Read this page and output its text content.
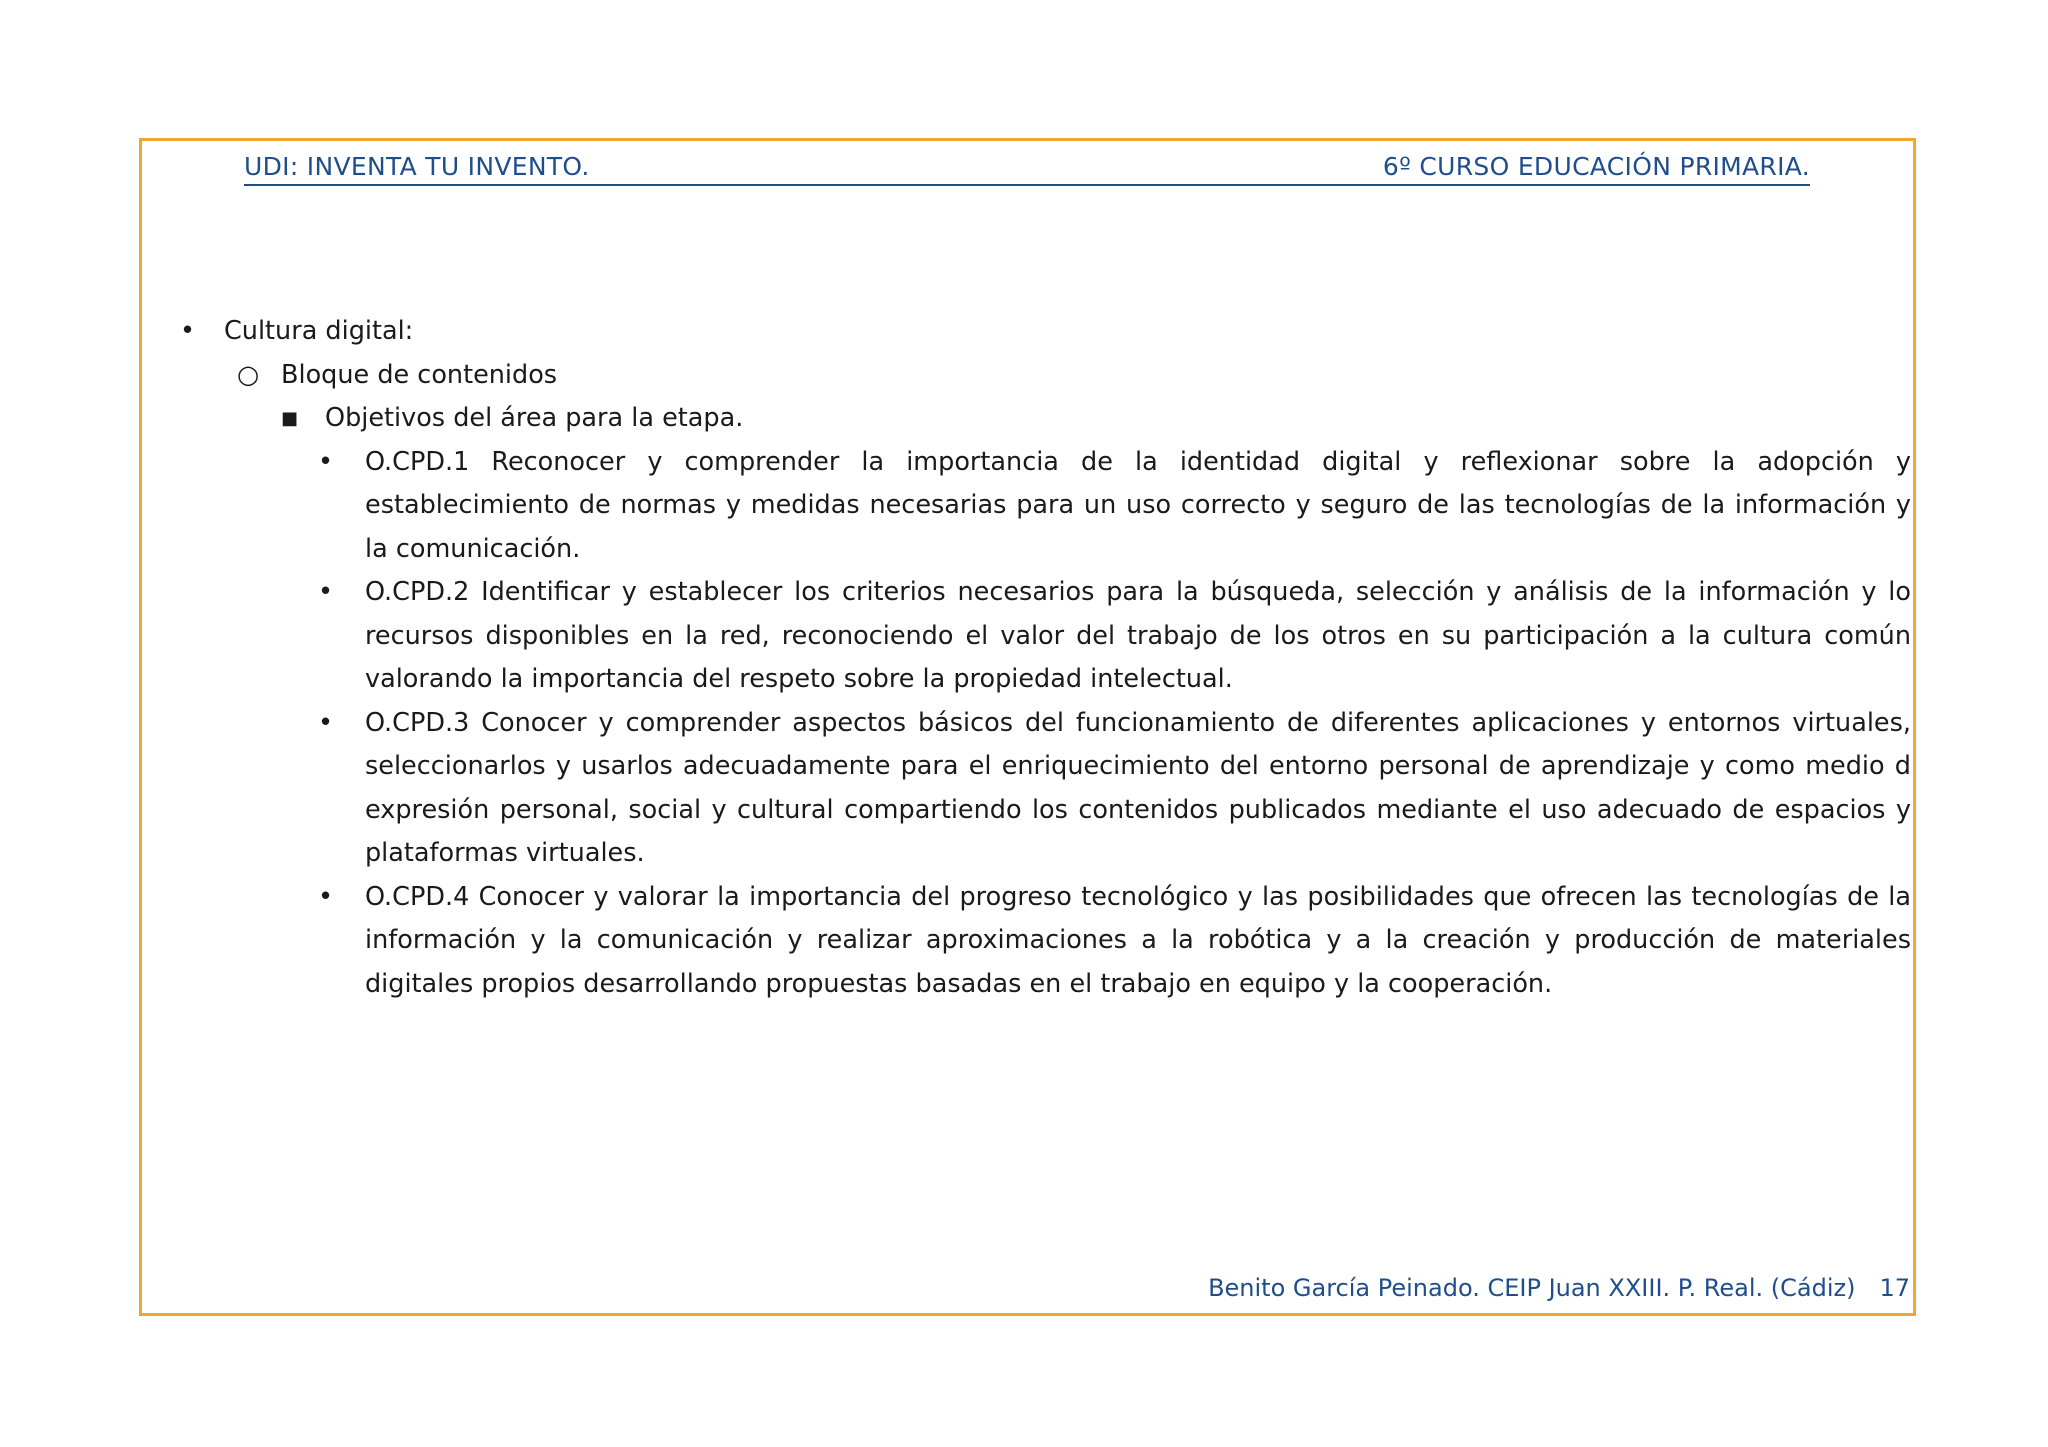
UDI: INVENTA TU INVENTO.	6º CURSO EDUCACIÓN PRIMARIA.
•	Cultura digital:
○ Bloque de contenidos
■	Objetivos del área para la etapa.
•	O.CPD.1 Reconocer y comprender la importancia de la identidad digital y reflexionar sobre la adopción y establecimiento de normas y medidas necesarias para un uso correcto y seguro de las tecnologías de la información y la comunicación.
•	O.CPD.2 Identificar y establecer los criterios necesarios para la búsqueda, selección y análisis de la información y lo recursos disponibles en la red, reconociendo el valor del trabajo de los otros en su participación a la cultura común valorando la importancia del respeto sobre la propiedad intelectual.
•	O.CPD.3 Conocer y comprender aspectos básicos del funcionamiento de diferentes aplicaciones y entornos virtuales, seleccionarlos y usarlos adecuadamente para el enriquecimiento del entorno personal de aprendizaje y como medio d expresión personal, social y cultural compartiendo los contenidos publicados mediante el uso adecuado de espacios y plataformas virtuales.
•	O.CPD.4 Conocer y valorar la importancia del progreso tecnológico y las posibilidades que ofrecen las tecnologías de la información y la comunicación y realizar aproximaciones a la robótica y a la creación y producción de materiales digitales propios desarrollando propuestas basadas en el trabajo en equipo y la cooperación.
Benito García Peinado. CEIP Juan XXIII. P. Real. (Cádiz) 17
